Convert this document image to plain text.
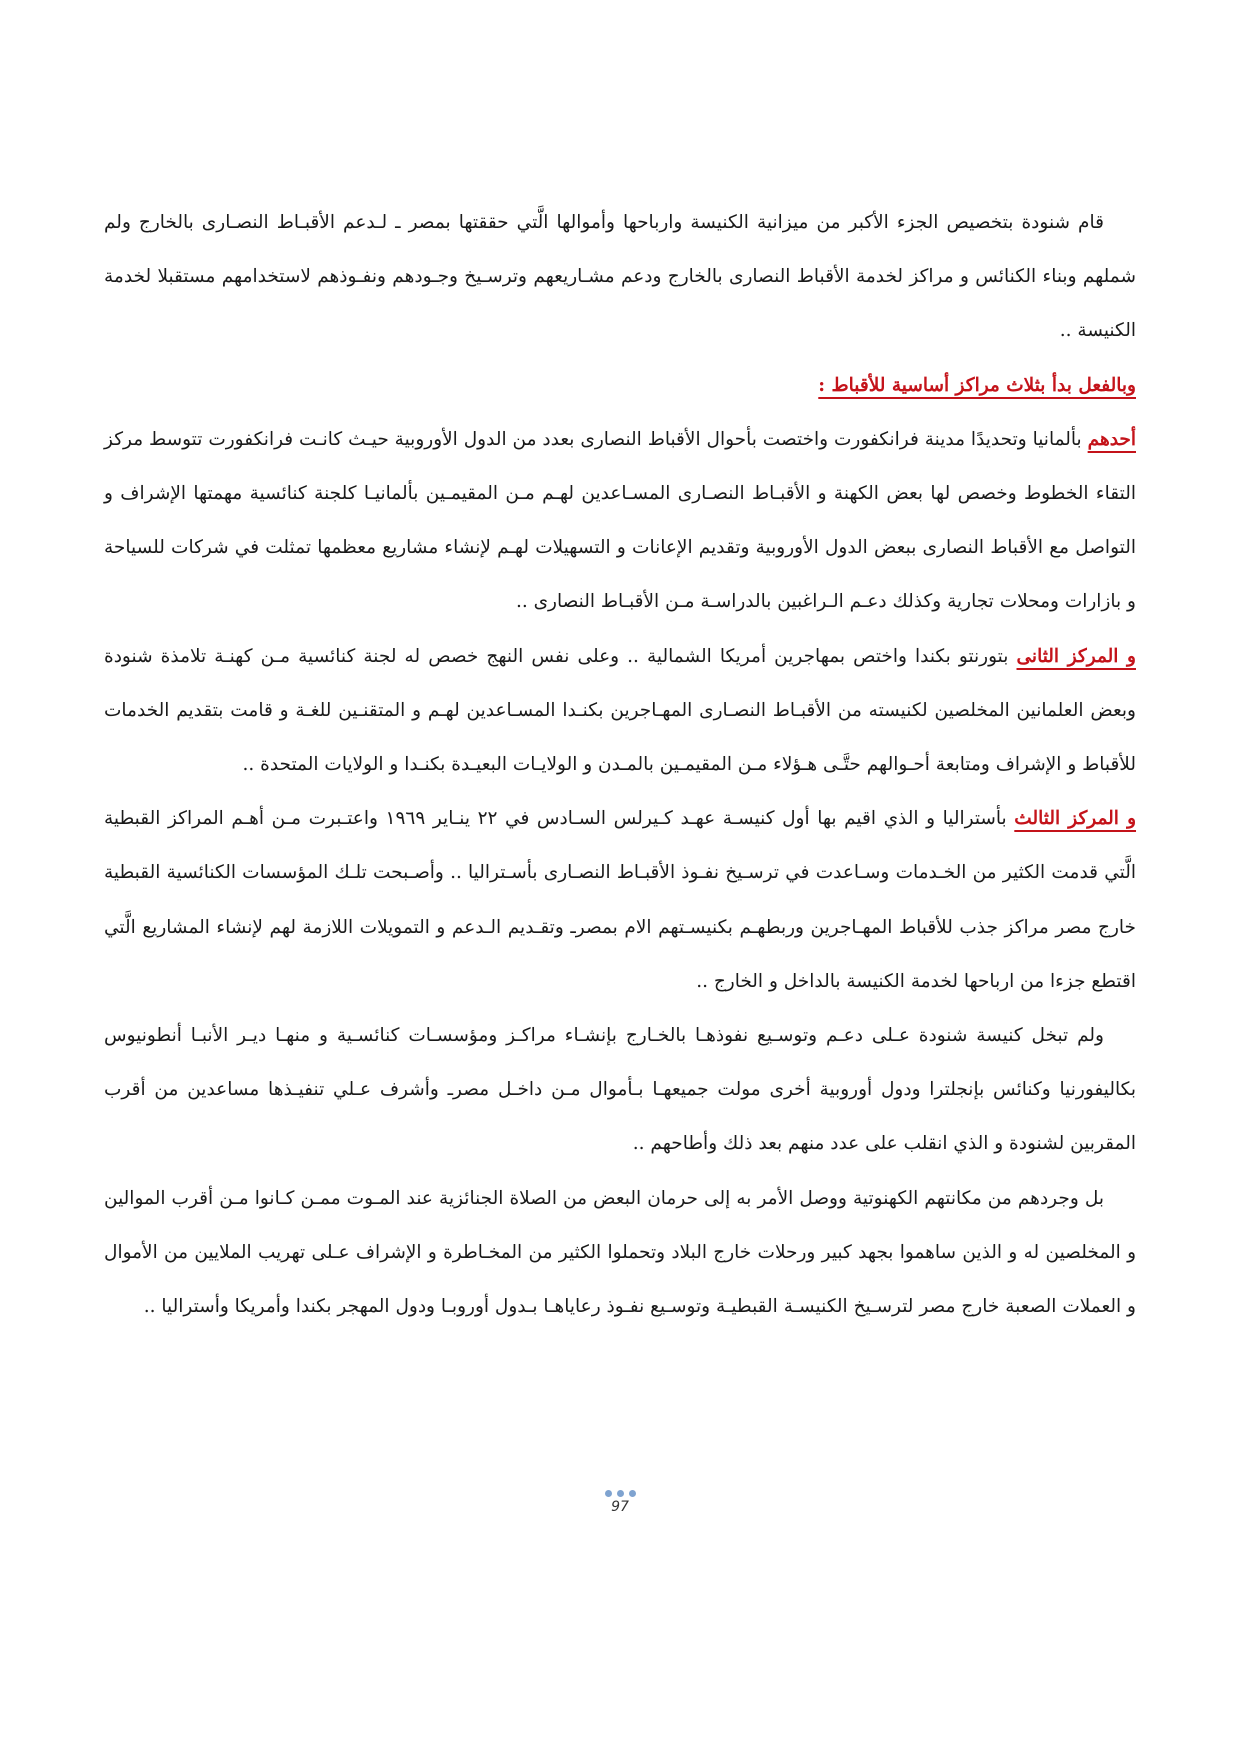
قام شنودة بتخصيص الجزء الأكبر من ميزانية الكنيسة وارباحها وأموالها الَّتي حققتها بمصر ـ لـدعم الأقبـاط النصـارى بالخارج ولم شملهم وبناء الكنائس و مراكز لخدمة الأقباط النصارى بالخارج ودعم مشـاريعهم وترسـيخ وجـودهم ونفـوذهم لاستخدامهم مستقبلا لخدمة الكنيسة ..

وبالفعل بدأ بثلاث مراكز أساسية للأقباط :

أحدهم بألمانيا وتحديدًا مدينة فرانكفورت واختصت بأحوال الأقباط النصارى بعدد من الدول الأوروبية حيـث كانـت فرانكفورت تتوسط مركز التقاء الخطوط وخصص لها بعض الكهنة و الأقبـاط النصـارى المسـاعدين لهـم مـن المقيمـين بألمانيـا كلجنة كنائسية مهمتها الإشراف و التواصل مع الأقباط النصارى ببعض الدول الأوروبية وتقديم الإعانات و التسهيلات لهـم لإنشاء مشاريع معظمها تمثلت في شركات للسياحة و بازارات ومحلات تجارية وكذلك دعـم الـراغبين بالدراسـة مـن الأقبـاط النصارى ..

و المركز الثانى بتورنتو بكندا واختص بمهاجرين أمريكا الشمالية .. وعلى نفس النهج خصص له لجنة كنائسية مـن كهنـة تلامذة شنودة وبعض العلمانين المخلصين لكنيسته من الأقبـاط النصـارى المهـاجرين بكنـدا المسـاعدين لهـم و المتقنـين للغـة و قامت بتقديم الخدمات للأقباط و الإشراف ومتابعة أحـوالهم حتَّـى هـؤلاء مـن المقيمـين بالمـدن و الولايـات البعيـدة بكنـدا و الولايات المتحدة ..

و المركز الثالث بأستراليا و الذي اقيم بها أول كنيسـة عهـد كـيرلس السـادس في ٢٢ ينـاير ١٩٦٩ واعتـبرت مـن أهـم المراكز القبطية الَّتي قدمت الكثير من الخـدمات وسـاعدت في ترسـيخ نفـوذ الأقبـاط النصـارى بأسـتراليا .. وأصـبحت تلـك المؤسسات الكنائسية القبطية خارج مصر مراكز جذب للأقباط المهـاجرين وربطهـم بكنيسـتهم الام بمصرـ وتقـديم الـدعم و التمويلات اللازمة لهم لإنشاء المشاريع الَّتي اقتطع جزءا من ارباحها لخدمة الكنيسة بالداخل و الخارج ..

ولم تبخل كنيسة شنودة عـلى دعـم وتوسـيع نفوذهـا بالخـارج بإنشـاء مراكـز ومؤسسـات كنائسـية و منهـا ديـر الأنبـا أنطونيوس بكاليفورنيا وكنائس بإنجلترا ودول أوروبية أخرى مولت جميعهـا بـأموال مـن داخـل مصرـ وأشرف عـلي تنفيـذها مساعدين من أقرب المقربين لشنودة و الذي انقلب على عدد منهم بعد ذلك وأطاحهم ..

بل وجردهم من مكانتهم الكهنوتية ووصل الأمر به إلى حرمان البعض من الصلاة الجنائزية عند المـوت ممـن كـانوا مـن أقرب الموالين و المخلصين له و الذين ساهموا بجهد كبير ورحلات خارج البلاد وتحملوا الكثير من المخـاطرة و الإشراف عـلى تهريب الملايين من الأموال و العملات الصعبة خارج مصر لترسـيخ الكنيسـة القبطيـة وتوسـيع نفـوذ رعاياهـا بـدول أوروبـا ودول المهجر بكندا وأمريكا وأستراليا ..

97
